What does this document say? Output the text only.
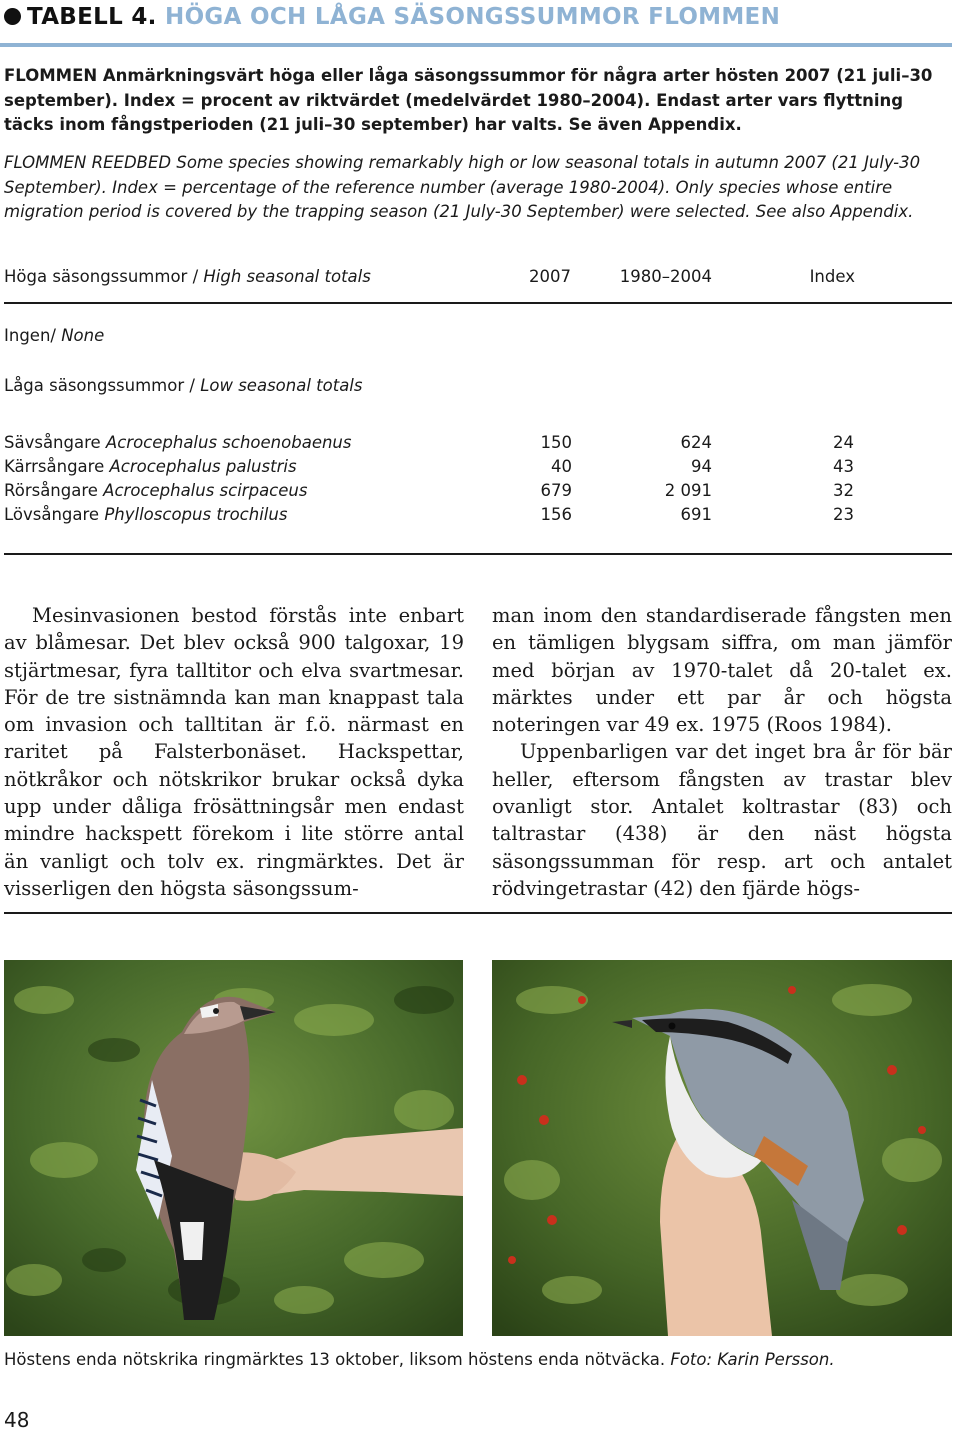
TABELL 4. HÖGA OCH LÅGA SÄSONGSSUMMOR FLOMMEN
FLOMMEN Anmärkningsvärt höga eller låga säsongssummor för några arter hösten 2007 (21 juli–30 september). Index = procent av riktvärdet (medelvärdet 1980–2004). Endast arter vars flyttning täcks inom fångstperioden (21 juli–30 september) har valts. Se även Appendix.
FLOMMEN REEDBED Some species showing remarkably high or low seasonal totals in autumn 2007 (21 July-30 September). Index = percentage of the reference number (average 1980-2004). Only species whose entire migration period is covered by the trapping season (21 July-30 September) were selected. See also Appendix.
Höga säsongssummor / High seasonal totals	2007	1980–2004	Index
Ingen/ None
Låga säsongssummor / Low seasonal totals
Sävsångare Acrocephalus schoenobaenus	150	624	24
Kärrsångare Acrocephalus palustris	40	94	43
Rörsångare Acrocephalus scirpaceus	679	2 091	32
Lövsångare Phylloscopus trochilus	156	691	23

Mesinvasionen bestod förstås inte enbart av blåmesar. Det blev också 900 talgoxar, 19 stjärtmesar, fyra talltitor och elva svartmesar. För de tre sistnämnda kan man knappast tala om invasion och talltitan är f.ö. närmast en raritet på Falsterbonäset. Hackspettar, nötkråkor och nötskrikor brukar också dyka upp under dåliga frösättningsår men endast mindre hackspett förekom i lite större antal än vanligt och tolv ex. ringmärktes. Det är visserligen den högsta säsongssum-

man inom den standardiserade fångsten men en tämligen blygsam siffra, om man jämför med början av 1970-talet då 20-talet ex. märktes under ett par år och högsta noteringen var 49 ex. 1975 (Roos 1984).

Uppenbarligen var det inget bra år för bär heller, eftersom fångsten av trastar blev ovanligt stor. Antalet koltrastar (83) och taltrastar (438) är den näst högsta säsongssumman för resp. art och antalet rödvingetrastar (42) den fjärde högs-

Höstens enda nötskrika ringmärktes 13 oktober, liksom höstens enda nötväcka. Foto: Karin Persson.
48
